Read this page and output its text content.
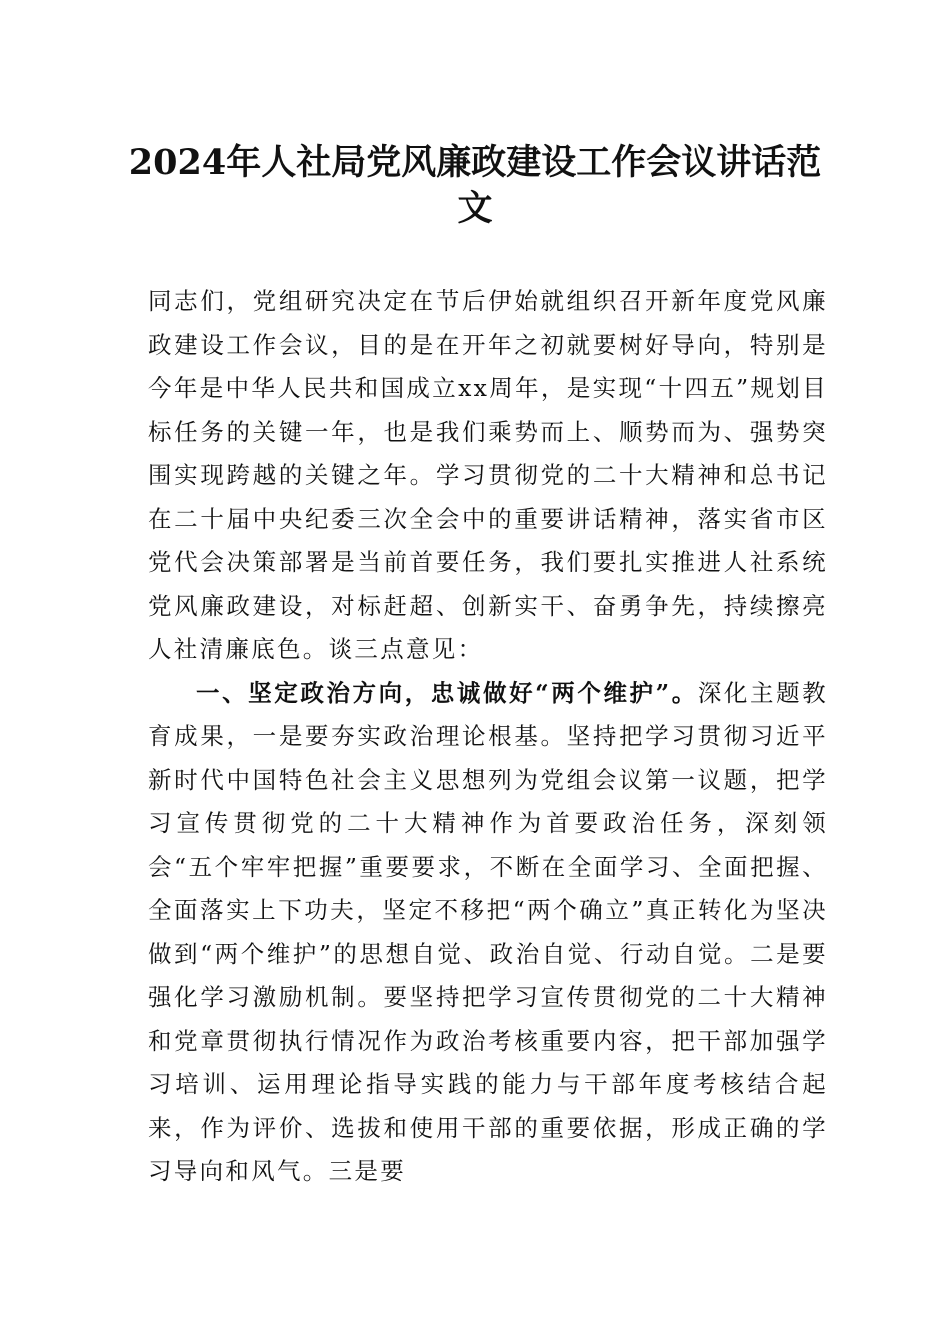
2024年人社局党风廉政建设工作会议讲话范文

同志们，党组研究决定在节后伊始就组织召开新年度党风廉政建设工作会议，目的是在开年之初就要树好导向，特别是今年是中华人民共和国成立xx周年，是实现“十四五”规划目标任务的关键一年，也是我们乘势而上、顺势而为、强势突围实现跨越的关键之年。学习贯彻党的二十大精神和总书记在二十届中央纪委三次全会中的重要讲话精神，落实省市区党代会决策部署是当前首要任务，我们要扎实推进人社系统党风廉政建设，对标赶超、创新实干、奋勇争先，持续擦亮人社清廉底色。谈三点意见：

一、坚定政治方向，忠诚做好“两个维护”。深化主题教育成果，一是要夯实政治理论根基。坚持把学习贯彻习近平新时代中国特色社会主义思想列为党组会议第一议题，把学习宣传贯彻党的二十大精神作为首要政治任务，深刻领会“五个牢牢把握”重要要求，不断在全面学习、全面把握、全面落实上下功夫，坚定不移把“两个确立”真正转化为坚决做到“两个维护”的思想自觉、政治自觉、行动自觉。二是要强化学习激励机制。要坚持把学习宣传贯彻党的二十大精神和党章贯彻执行情况作为政治考核重要内容，把干部加强学习培训、运用理论指导实践的能力与干部年度考核结合起来，作为评价、选拔和使用干部的重要依据，形成正确的学习导向和风气。三是要
